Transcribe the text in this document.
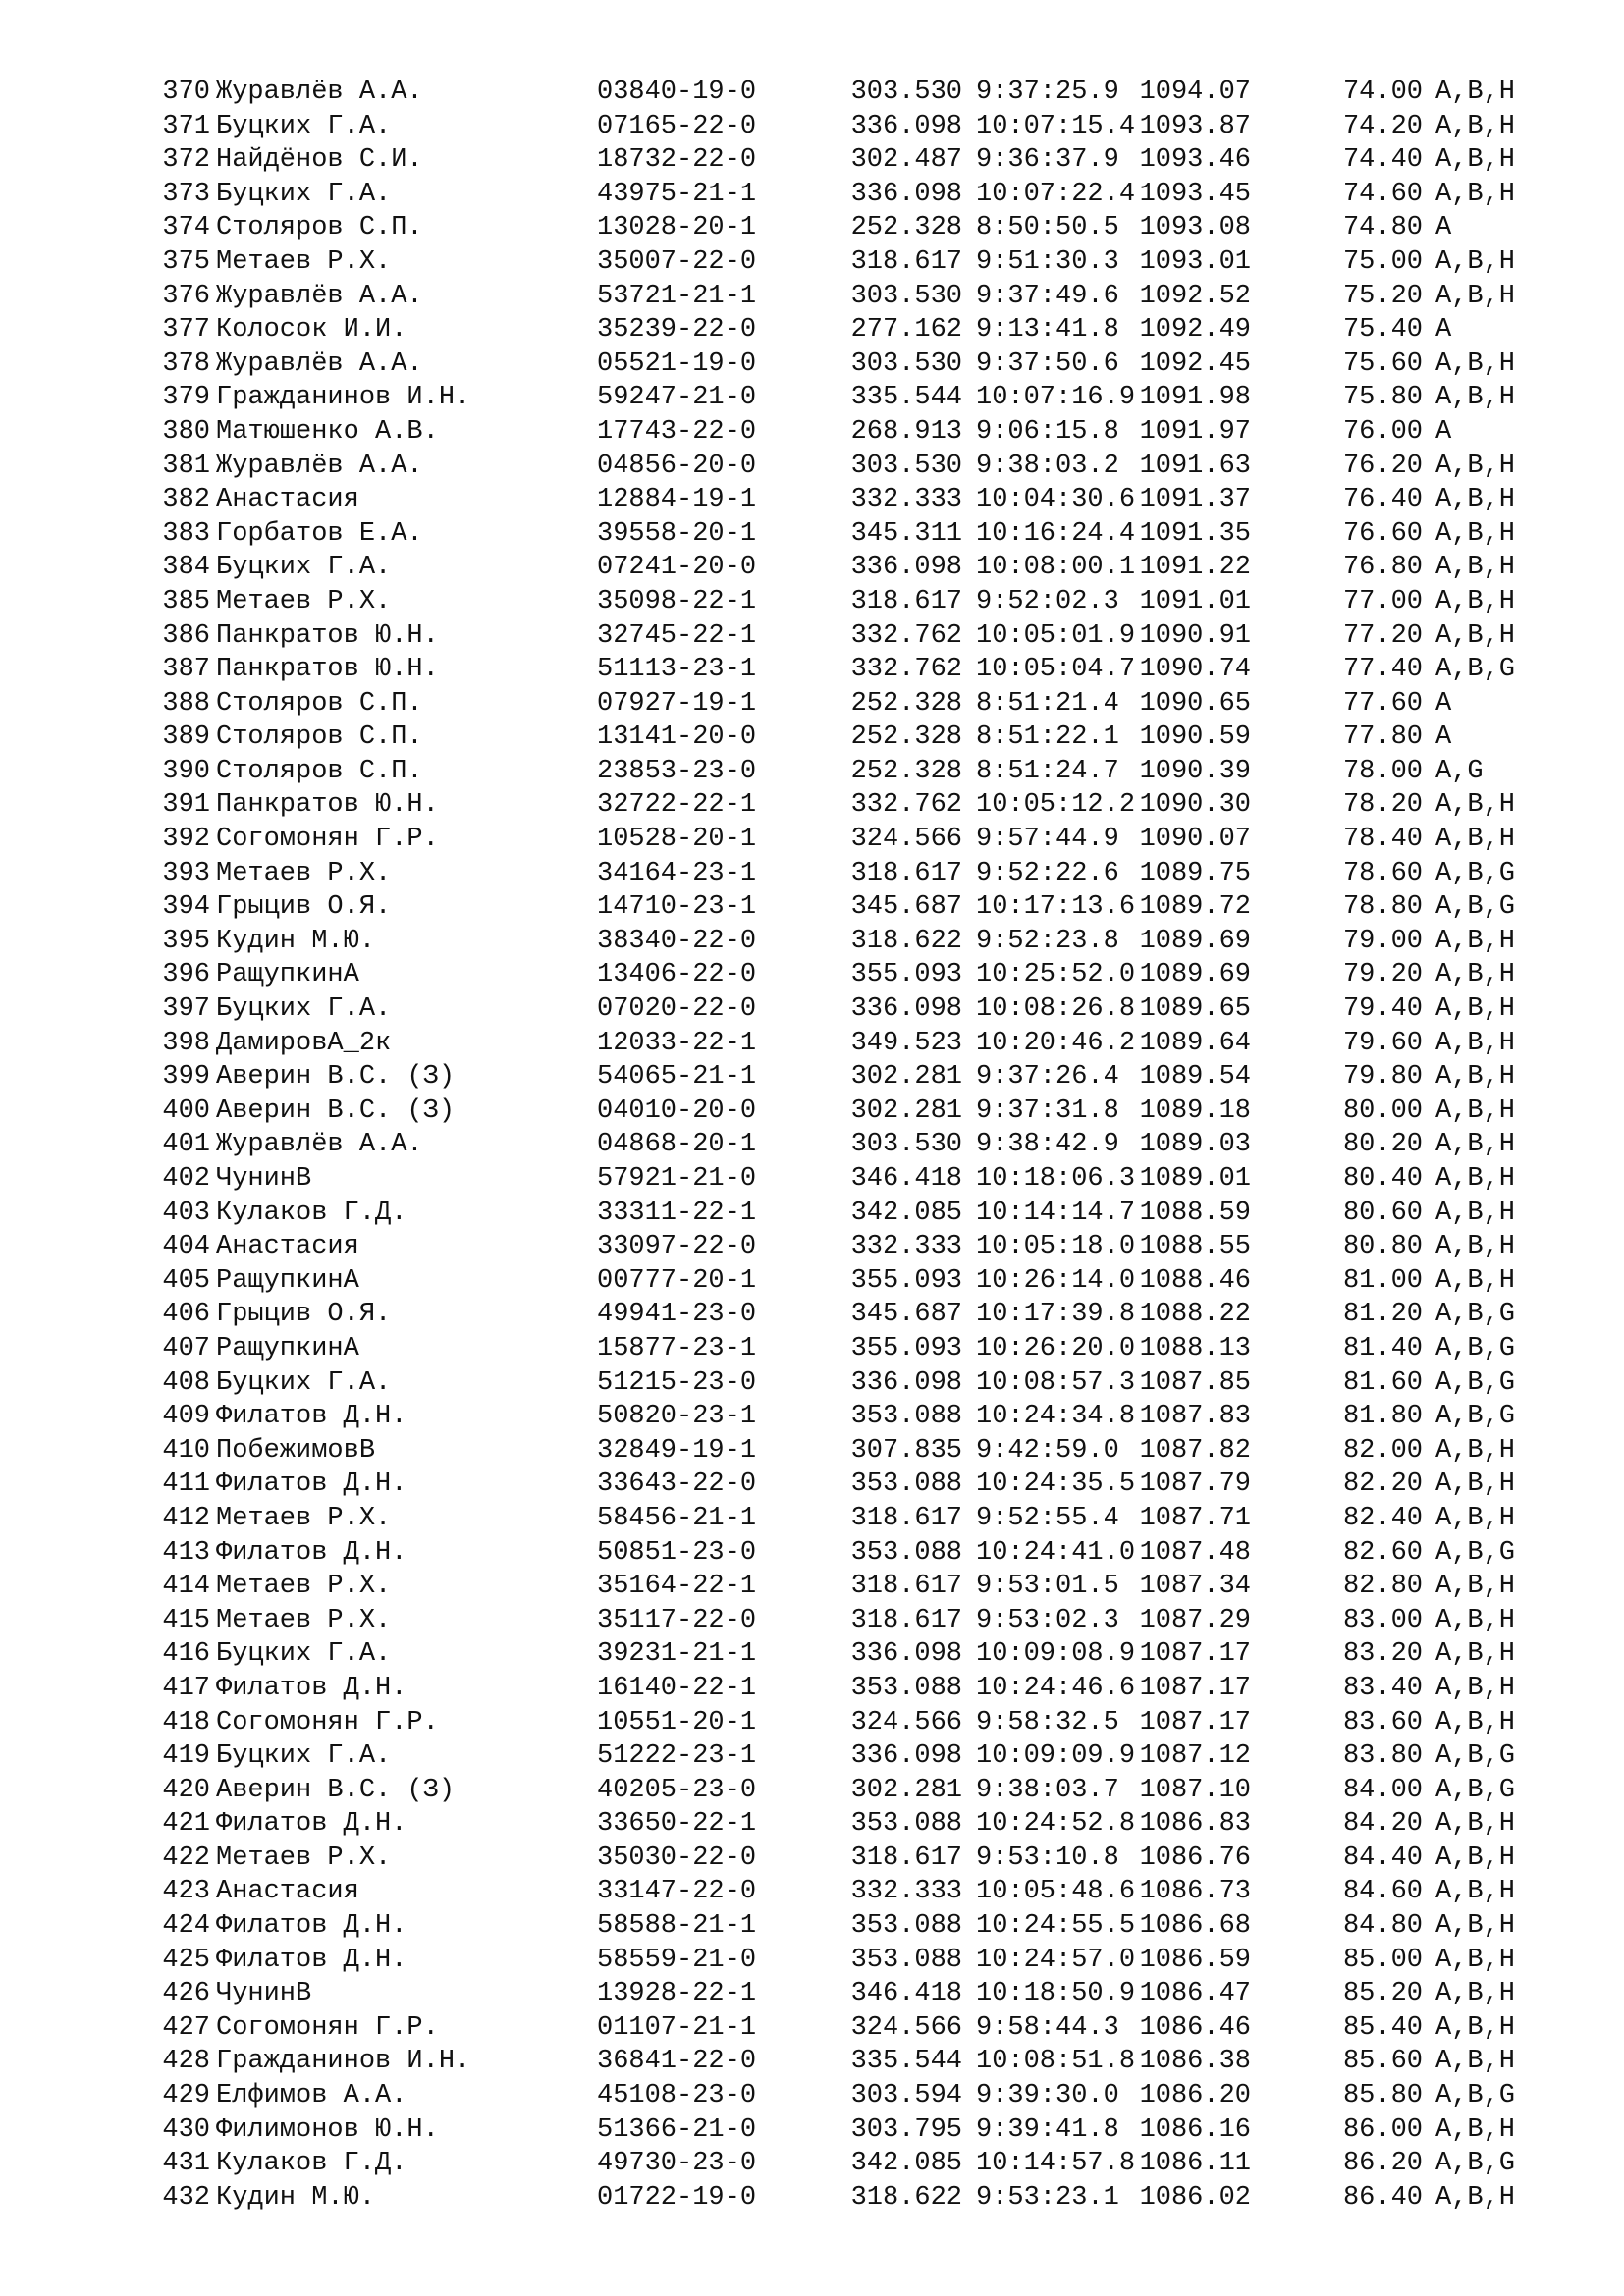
370 Журавлёв А.А.	03840-19-0	303.530 9:37:25.9 1094.07	74.00 A,B,H
371 Буцких Г.А.	07165-22-0	336.098 10:07:15.4 1093.87	74.20 A,B,H
372 Найдёнов С.И.	18732-22-0	302.487 9:36:37.9 1093.46	74.40 A,B,H
373 Буцких Г.А.	43975-21-1	336.098 10:07:22.4 1093.45	74.60 A,B,H
374 Столяров С.П.	13028-20-1	252.328 8:50:50.5 1093.08	74.80 A
375 Метаев Р.Х.	35007-22-0	318.617 9:51:30.3 1093.01	75.00 A,B,H
376 Журавлёв А.А.	53721-21-1	303.530 9:37:49.6 1092.52	75.20 A,B,H
377 Колосок И.И.	35239-22-0	277.162 9:13:41.8 1092.49	75.40 A
378 Журавлёв А.А.	05521-19-0	303.530 9:37:50.6 1092.45	75.60 A,B,H
379 Гражданинов И.Н.	59247-21-0	335.544 10:07:16.9 1091.98	75.80 A,B,H
380 Матюшенко А.В.	17743-22-0	268.913 9:06:15.8 1091.97	76.00 A
381 Журавлёв А.А.	04856-20-0	303.530 9:38:03.2 1091.63	76.20 A,B,H
382 Анастасия	12884-19-1	332.333 10:04:30.6 1091.37	76.40 A,B,H
383 Горбатов Е.А.	39558-20-1	345.311 10:16:24.4 1091.35	76.60 A,B,H
384 Буцких Г.А.	07241-20-0	336.098 10:08:00.1 1091.22	76.80 A,B,H
385 Метаев Р.Х.	35098-22-1	318.617 9:52:02.3 1091.01	77.00 A,B,H
386 Панкратов Ю.Н.	32745-22-1	332.762 10:05:01.9 1090.91	77.20 A,B,H
387 Панкратов Ю.Н.	51113-23-1	332.762 10:05:04.7 1090.74	77.40 A,B,G
388 Столяров С.П.	07927-19-1	252.328 8:51:21.4 1090.65	77.60 A
389 Столяров С.П.	13141-20-0	252.328 8:51:22.1 1090.59	77.80 A
390 Столяров С.П.	23853-23-0	252.328 8:51:24.7 1090.39	78.00 A,G
391 Панкратов Ю.Н.	32722-22-1	332.762 10:05:12.2 1090.30	78.20 A,B,H
392 Согомонян Г.Р.	10528-20-1	324.566 9:57:44.9 1090.07	78.40 A,B,H
393 Метаев Р.Х.	34164-23-1	318.617 9:52:22.6 1089.75	78.60 A,B,G
394 Грыцив О.Я.	14710-23-1	345.687 10:17:13.6 1089.72	78.80 A,B,G
395 Кудин М.Ю.	38340-22-0	318.622 9:52:23.8 1089.69	79.00 A,B,H
396 РащупкинА	13406-22-0	355.093 10:25:52.0 1089.69	79.20 A,B,H
397 Буцких Г.А.	07020-22-0	336.098 10:08:26.8 1089.65	79.40 A,B,H
398 ДамировА_2к	12033-22-1	349.523 10:20:46.2 1089.64	79.60 A,B,H
399 Аверин В.С. (З)	54065-21-1	302.281 9:37:26.4 1089.54	79.80 A,B,H
400 Аверин В.С. (З)	04010-20-0	302.281 9:37:31.8 1089.18	80.00 A,B,H
401 Журавлёв А.А.	04868-20-1	303.530 9:38:42.9 1089.03	80.20 A,B,H
402 ЧунинВ	57921-21-0	346.418 10:18:06.3 1089.01	80.40 A,B,H
403 Кулаков Г.Д.	33311-22-1	342.085 10:14:14.7 1088.59	80.60 A,B,H
404 Анастасия	33097-22-0	332.333 10:05:18.0 1088.55	80.80 A,B,H
405 РащупкинА	00777-20-1	355.093 10:26:14.0 1088.46	81.00 A,B,H
406 Грыцив О.Я.	49941-23-0	345.687 10:17:39.8 1088.22	81.20 A,B,G
407 РащупкинА	15877-23-1	355.093 10:26:20.0 1088.13	81.40 A,B,G
408 Буцких Г.А.	51215-23-0	336.098 10:08:57.3 1087.85	81.60 A,B,G
409 Филатов Д.Н.	50820-23-1	353.088 10:24:34.8 1087.83	81.80 A,B,G
410 ПобежимовВ	32849-19-1	307.835 9:42:59.0 1087.82	82.00 A,B,H
411 Филатов Д.Н.	33643-22-0	353.088 10:24:35.5 1087.79	82.20 A,B,H
412 Метаев Р.Х.	58456-21-1	318.617 9:52:55.4 1087.71	82.40 A,B,H
413 Филатов Д.Н.	50851-23-0	353.088 10:24:41.0 1087.48	82.60 A,B,G
414 Метаев Р.Х.	35164-22-1	318.617 9:53:01.5 1087.34	82.80 A,B,H
415 Метаев Р.Х.	35117-22-0	318.617 9:53:02.3 1087.29	83.00 A,B,H
416 Буцких Г.А.	39231-21-1	336.098 10:09:08.9 1087.17	83.20 A,B,H
417 Филатов Д.Н.	16140-22-1	353.088 10:24:46.6 1087.17	83.40 A,B,H
418 Согомонян Г.Р.	10551-20-1	324.566 9:58:32.5 1087.17	83.60 A,B,H
419 Буцких Г.А.	51222-23-1	336.098 10:09:09.9 1087.12	83.80 A,B,G
420 Аверин В.С. (З)	40205-23-0	302.281 9:38:03.7 1087.10	84.00 A,B,G
421 Филатов Д.Н.	33650-22-1	353.088 10:24:52.8 1086.83	84.20 A,B,H
422 Метаев Р.Х.	35030-22-0	318.617 9:53:10.8 1086.76	84.40 A,B,H
423 Анастасия	33147-22-0	332.333 10:05:48.6 1086.73	84.60 A,B,H
424 Филатов Д.Н.	58588-21-1	353.088 10:24:55.5 1086.68	84.80 A,B,H
425 Филатов Д.Н.	58559-21-0	353.088 10:24:57.0 1086.59	85.00 A,B,H
426 ЧунинВ	13928-22-1	346.418 10:18:50.9 1086.47	85.20 A,B,H
427 Согомонян Г.Р.	01107-21-1	324.566 9:58:44.3 1086.46	85.40 A,B,H
428 Гражданинов И.Н.	36841-22-0	335.544 10:08:51.8 1086.38	85.60 A,B,H
429 Елфимов А.А.	45108-23-0	303.594 9:39:30.0 1086.20	85.80 A,B,G
430 Филимонов Ю.Н.	51366-21-0	303.795 9:39:41.8 1086.16	86.00 A,B,H
431 Кулаков Г.Д.	49730-23-0	342.085 10:14:57.8 1086.11	86.20 A,B,G
432 Кудин М.Ю.	01722-19-0	318.622 9:53:23.1 1086.02	86.40 A,B,H
